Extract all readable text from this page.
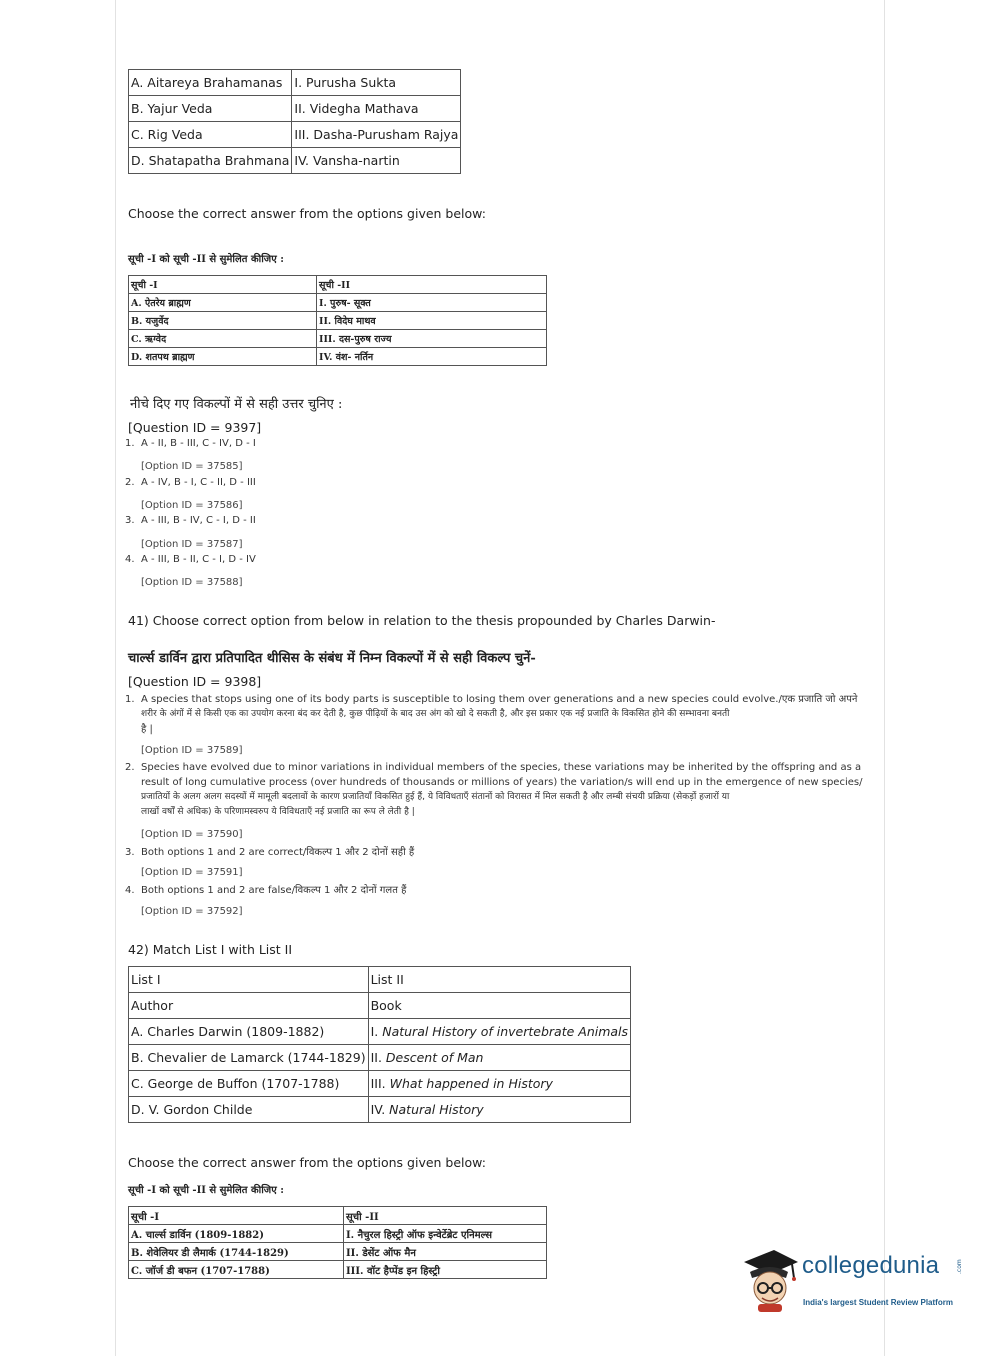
A. Aitareya Brahamanas	I. Purusha Sukta
B. Yajur Veda	II. Videgha Mathava
C. Rig Veda	III. Dasha-Purusham Rajya
D. Shatapatha Brahmana	IV. Vansha-nartin
Choose the correct answer from the options given below:
सूची -I को सूची -II से सुमेलित कीजिए :
सूची -I	सूची -II
A. ऐतरेय ब्राह्मण	I. पुरुष- सूक्त
B. यजुर्वेद	II. विदेघ माथव
C. ऋग्वेद	III. दस-पुरुष राज्य
D. शतपथ ब्राह्मण	IV. वंश- नर्तिन
नीचे दिए गए विकल्पों में से सही उत्तर चुनिए :
[Question ID = 9397]
1. A - II, B - III, C - IV, D - I
[Option ID = 37585]
2. A - IV, B - I, C - II, D - III
[Option ID = 37586]
3. A - III, B - IV, C - I, D - II
[Option ID = 37587]
4. A - III, B - II, C - I, D - IV
[Option ID = 37588]
41) Choose correct option from below in relation to the thesis propounded by Charles Darwin-
चार्ल्स डार्विन द्वारा प्रतिपादित थीसिस के संबंध में निम्न विकल्पों में से सही विकल्प चुनें-
[Question ID = 9398]
1. A species that stops using one of its body parts is susceptible to losing them over generations and a new species could evolve./एक प्रजाति जो अपने
शरीर के अंगों में से किसी एक का उपयोग करना बंद कर देती है, कुछ पीढ़ियों के बाद उस अंग को खो दे सकती है, और इस प्रकार एक नई प्रजाति के विकसित होने की सम्भावना बनती
है |
[Option ID = 37589]
2. Species have evolved due to minor variations in individual members of the species, these variations may be inherited by the offspring and as a
result of long cumulative process (over hundreds of thousands or millions of years) the variation/s will end up in the emergence of new species/
प्रजातियों के अलग अलग सदस्यों में मामूली बदलावों के कारण प्रजातियाँ विकसित हुई हैं, ये विविधताएँ संतानों को विरासत में मिल सकती है और लम्बी संचयी प्रक्रिया (सेकड़ों हजारों या
लाखों वर्षों से अधिक) के परिणामस्वरुप ये विविधताएँ नई प्रजाति का रूप ले लेती है |
[Option ID = 37590]
3. Both options 1 and 2 are correct/विकल्प 1 और 2 दोनों सही हैं
[Option ID = 37591]
4. Both options 1 and 2 are false/विकल्प 1 और 2 दोनों गलत हैं
[Option ID = 37592]
42) Match List I with List II
List I	List II
Author	Book
A. Charles Darwin (1809-1882)	I. Natural History of invertebrate Animals
B. Chevalier de Lamarck (1744-1829)	II. Descent of Man
C. George de Buffon (1707-1788)	III. What happened in History
D. V. Gordon Childe	IV. Natural History
Choose the correct answer from the options given below:
सूची -I को सूची -II से सुमेलित कीजिए :
सूची -I	सूची -II
A. चार्ल्स डार्विन (1809-1882)	I. नैचुरल हिस्ट्री ऑफ इन्वेर्टेब्रेट एनिमल्स
B. शेवेलियर डी लैमार्क (1744-1829)	II. डेसेंट ऑफ मैन
C. जॉर्ज डी बफन (1707-1788)	III. वॉट हैप्पेंड इन हिस्ट्री	collegedunia	.com
India's largest Student Review Platform
